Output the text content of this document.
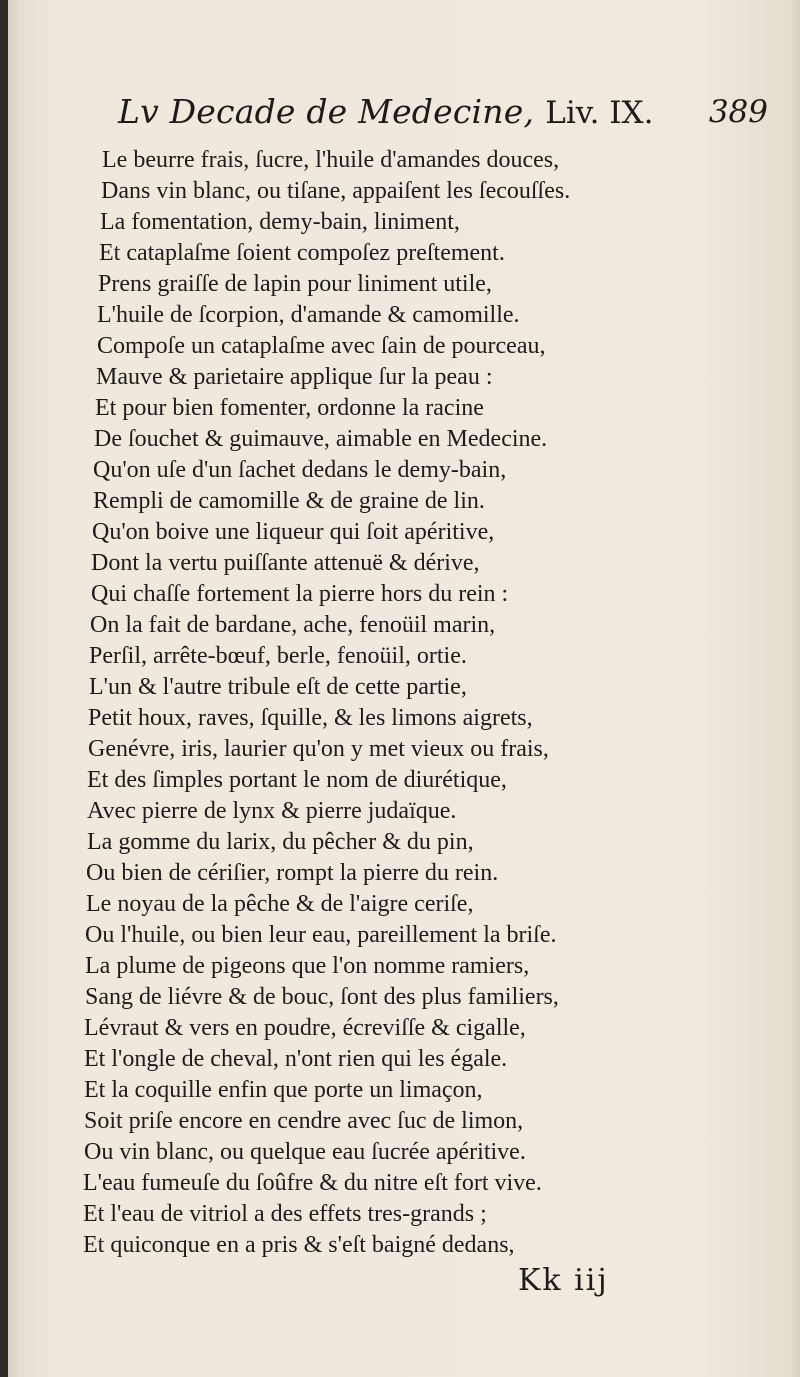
Lv Decade de Medecine, Liv. IX. 389
Le beurre frais, ſucre, l'huile d'amandes douces,
Dans vin blanc, ou tiſane, appaiſent les ſecouſſes.
La fomentation, demy-bain, liniment,
Et cataplaſme ſoient compoſez preſtement.
Prens graiſſe de lapin pour liniment utile,
L'huile de ſcorpion, d'amande & camomille.
Compoſe un cataplaſme avec ſain de pourceau,
Mauve & parietaire applique ſur la peau :
Et pour bien fomenter, ordonne la racine
De ſouchet & guimauve, aimable en Medecine.
Qu'on uſe d'un ſachet dedans le demy-bain,
Rempli de camomille & de graine de lin.
Qu'on boive une liqueur qui ſoit apéritive,
Dont la vertu puiſſante attenuë & dérive,
Qui chaſſe fortement la pierre hors du rein :
On la fait de bardane, ache, fenoüil marin,
Perſil, arrête-bœuf, berle, fenoüil, ortie.
L'un & l'autre tribule eſt de cette partie,
Petit houx, raves, ſquille, & les limons aigrets,
Genévre, iris, laurier qu'on y met vieux ou frais,
Et des ſimples portant le nom de diurétique,
Avec pierre de lynx & pierre judaïque.
La gomme du larix, du pêcher & du pin,
Ou bien de cériſier, rompt la pierre du rein.
Le noyau de la pêche & de l'aigre ceriſe,
Ou l'huile, ou bien leur eau, pareillement la briſe.
La plume de pigeons que l'on nomme ramiers,
Sang de liévre & de bouc, ſont des plus familiers,
Lévraut & vers en poudre, écreviſſe & cigalle,
Et l'ongle de cheval, n'ont rien qui les égale.
Et la coquille enfin que porte un limaçon,
Soit priſe encore en cendre avec ſuc de limon,
Ou vin blanc, ou quelque eau ſucrée apéritive.
L'eau fumeuſe du ſoûfre & du nitre eſt fort vive.
Et l'eau de vitriol a des effets tres-grands ;
Et quiconque en a pris & s'eſt baigné dedans,
Kk iij
